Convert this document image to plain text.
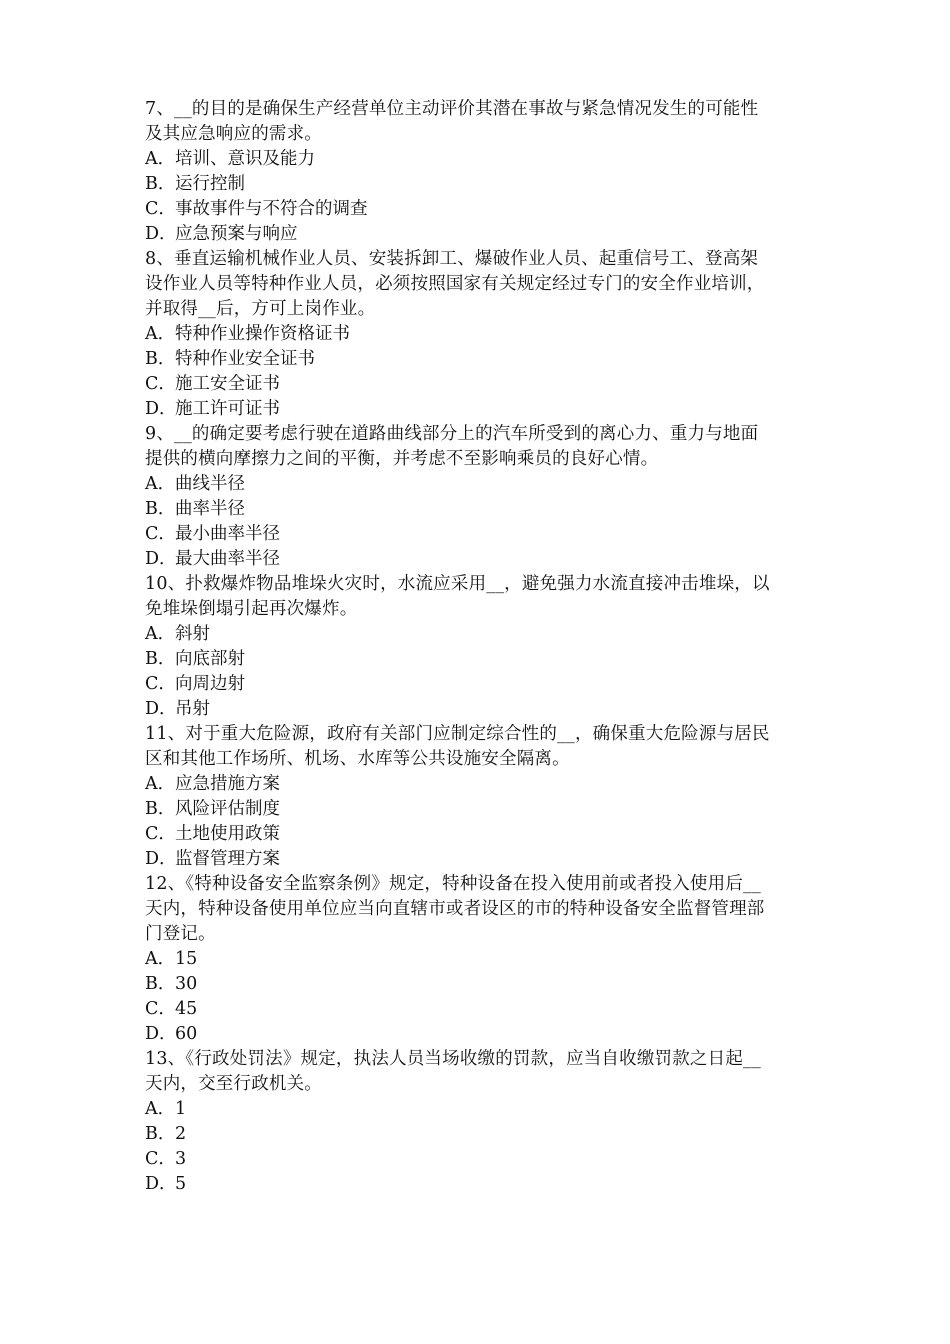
7、__的目的是确保生产经营单位主动评价其潜在事故与紧急情况发生的可能性
及其应急响应的需求。
A．培训、意识及能力
B．运行控制
C．事故事件与不符合的调查
D．应急预案与响应
8、垂直运输机械作业人员、安装拆卸工、爆破作业人员、起重信号工、登高架
设作业人员等特种作业人员，必须按照国家有关规定经过专门的安全作业培训，
并取得__后，方可上岗作业。
A．特种作业操作资格证书
B．特种作业安全证书
C．施工安全证书
D．施工许可证书
9、__的确定要考虑行驶在道路曲线部分上的汽车所受到的离心力、重力与地面
提供的横向摩擦力之间的平衡，并考虑不至影响乘员的良好心情。
A．曲线半径
B．曲率半径
C．最小曲率半径
D．最大曲率半径
10、扑救爆炸物品堆垛火灾时，水流应采用__，避免强力水流直接冲击堆垛，以
免堆垛倒塌引起再次爆炸。
A．斜射
B．向底部射
C．向周边射
D．吊射
11、对于重大危险源，政府有关部门应制定综合性的__，确保重大危险源与居民
区和其他工作场所、机场、水库等公共设施安全隔离。
A．应急措施方案
B．风险评估制度
C．土地使用政策
D．监督管理方案
12、《特种设备安全监察条例》规定，特种设备在投入使用前或者投入使用后__
天内，特种设备使用单位应当向直辖市或者设区的市的特种设备安全监督管理部
门登记。
A．15
B．30
C．45
D．60
13、《行政处罚法》规定，执法人员当场收缴的罚款，应当自收缴罚款之日起__
天内，交至行政机关。
A．1
B．2
C．3
D．5
